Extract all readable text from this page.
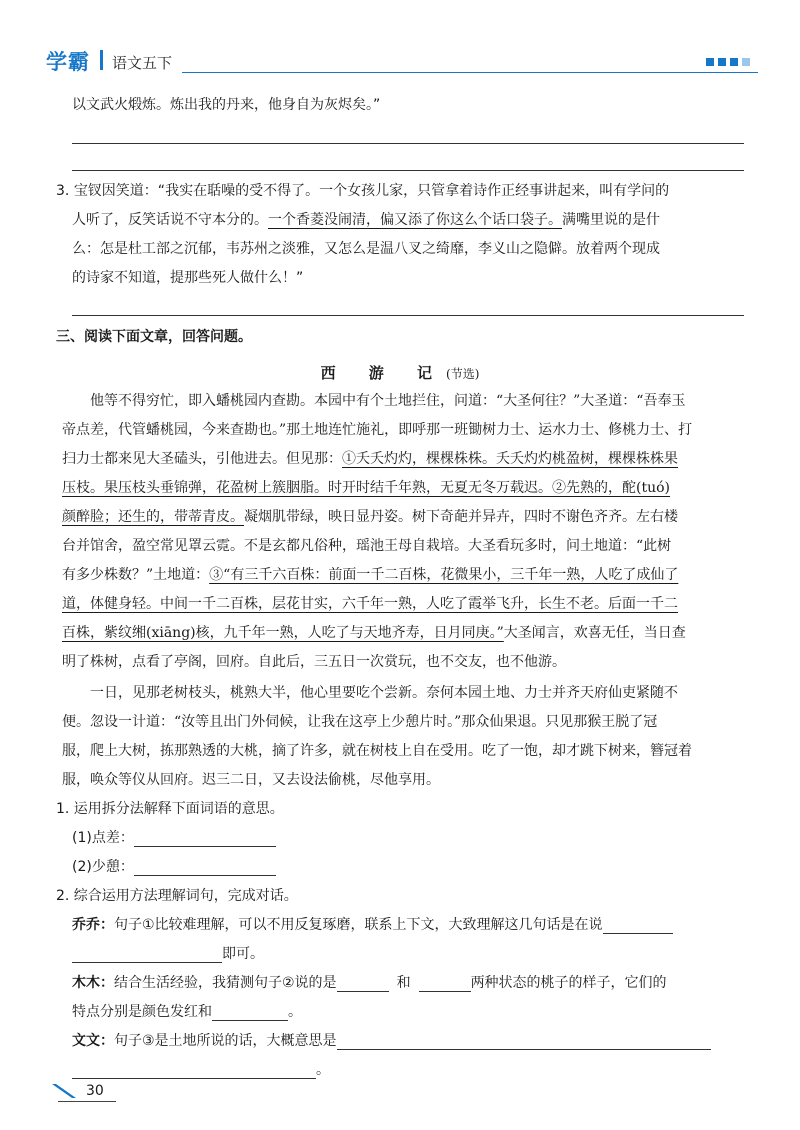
学霸 语文五下
以文武火煅炼。炼出我的丹来，他身自为灰烬矣。”
3. 宝钗因笑道：“我实在聒噪的受不得了。一个女孩儿家，只管拿着诗作正经事讲起来，叫有学问的
人听了，反笑话说不守本分的。一个香菱没闹清，偏又添了你这么个话口袋子。满嘴里说的是什
么：怎是杜工部之沉郁，韦苏州之淡雅，又怎么是温八叉之绮靡，李义山之隐僻。放着两个现成
的诗家不知道，提那些死人做什么！”
三、阅读下面文章，回答问题。
西 游 记(节选)
他等不得穷忙，即入蟠桃园内查勘。本园中有个土地拦住，问道：“大圣何往？”大圣道：“吾奉玉
帝点差，代管蟠桃园，今来查勘也。”那土地连忙施礼，即呼那一班锄树力士、运水力士、修桃力士、打
扫力士都来见大圣磕头，引他进去。但见那：①夭夭灼灼，棵棵株株。夭夭灼灼桃盈树，棵棵株株果
压枝。果压枝头垂锦弹，花盈树上簇胭脂。时开时结千年熟，无夏无冬万载迟。②先熟的，酡(tuó)
颜醉脸；还生的，带蒂青皮。凝烟肌带绿，映日显丹姿。树下奇葩并异卉，四时不谢色齐齐。左右楼
台并馆舍，盈空常见罩云霓。不是玄都凡俗种，瑶池王母自栽培。大圣看玩多时，问土地道：“此树
有多少株数？”土地道：③“有三千六百株：前面一千二百株，花微果小，三千年一熟，人吃了成仙了
道，体健身轻。中间一千二百株，层花甘实，六千年一熟，人吃了霞举飞升，长生不老。后面一千二
百株，紫纹缃(xiāng)核，九千年一熟，人吃了与天地齐寿，日月同庚。”大圣闻言，欢喜无任，当日查
明了株树，点看了亭阁，回府。自此后，三五日一次赏玩，也不交友，也不他游。
一日，见那老树枝头，桃熟大半，他心里要吃个尝新。奈何本园土地、力士并齐天府仙吏紧随不
便。忽设一计道：“汝等且出门外伺候，让我在这亭上少憩片时。”那众仙果退。只见那猴王脱了冠
服，爬上大树，拣那熟透的大桃，摘了许多，就在树枝上自在受用。吃了一饱，却才跳下树来，簪冠着
服，唤众等仪从回府。迟三二日，又去设法偷桃，尽他享用。
1. 运用拆分法解释下面词语的意思。
(1)点差：
(2)少憩：
2. 综合运用方法理解词句，完成对话。
乔乔：句子①比较难理解，可以不用反复琢磨，联系上下文，大致理解这几句话是在说
即可。
木木：结合生活经验，我猜测句子②说的是	和	两种状态的桃子的样子，它们的
特点分别是颜色发红和	。
文文：句子③是土地所说的话，大概意思是
。
30
